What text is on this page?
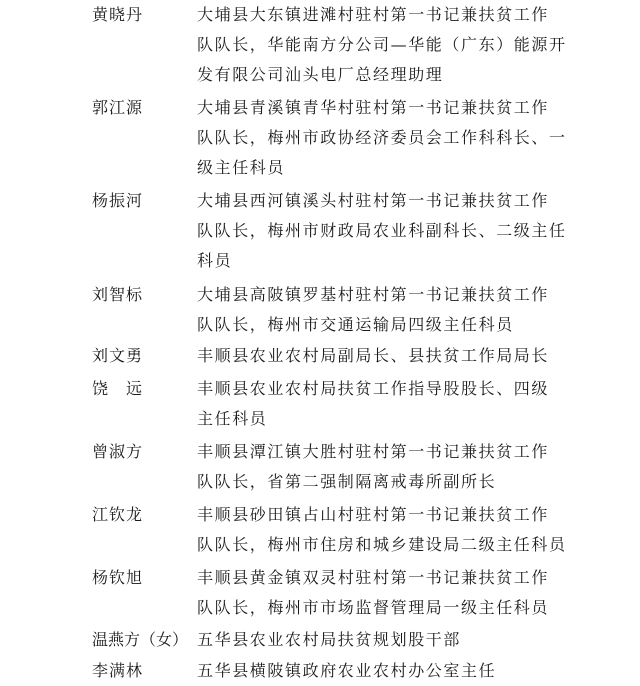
黄晓丹	大埔县大东镇进滩村驻村第一书记兼扶贫工作
队队长，华能南方分公司—华能（广东）能源开
发有限公司汕头电厂总经理助理
郭江源	大埔县青溪镇青华村驻村第一书记兼扶贫工作
队队长，梅州市政协经济委员会工作科科长、一
级主任科员
杨振河	大埔县西河镇溪头村驻村第一书记兼扶贫工作
队队长，梅州市财政局农业科副科长、二级主任
科员
刘智标	大埔县高陂镇罗基村驻村第一书记兼扶贫工作
队队长，梅州市交通运输局四级主任科员
刘文勇	丰顺县农业农村局副局长、县扶贫工作局局长
饶　远	丰顺县农业农村局扶贫工作指导股股长、四级
主任科员
曾淑方	丰顺县潭江镇大胜村驻村第一书记兼扶贫工作
队队长，省第二强制隔离戒毒所副所长
江钦龙	丰顺县砂田镇占山村驻村第一书记兼扶贫工作
队队长，梅州市住房和城乡建设局二级主任科员
杨钦旭	丰顺县黄金镇双灵村驻村第一书记兼扶贫工作
队队长，梅州市市场监督管理局一级主任科员
温燕方（女） 五华县农业农村局扶贫规划股干部
李满林	五华县横陂镇政府农业农村办公室主任
